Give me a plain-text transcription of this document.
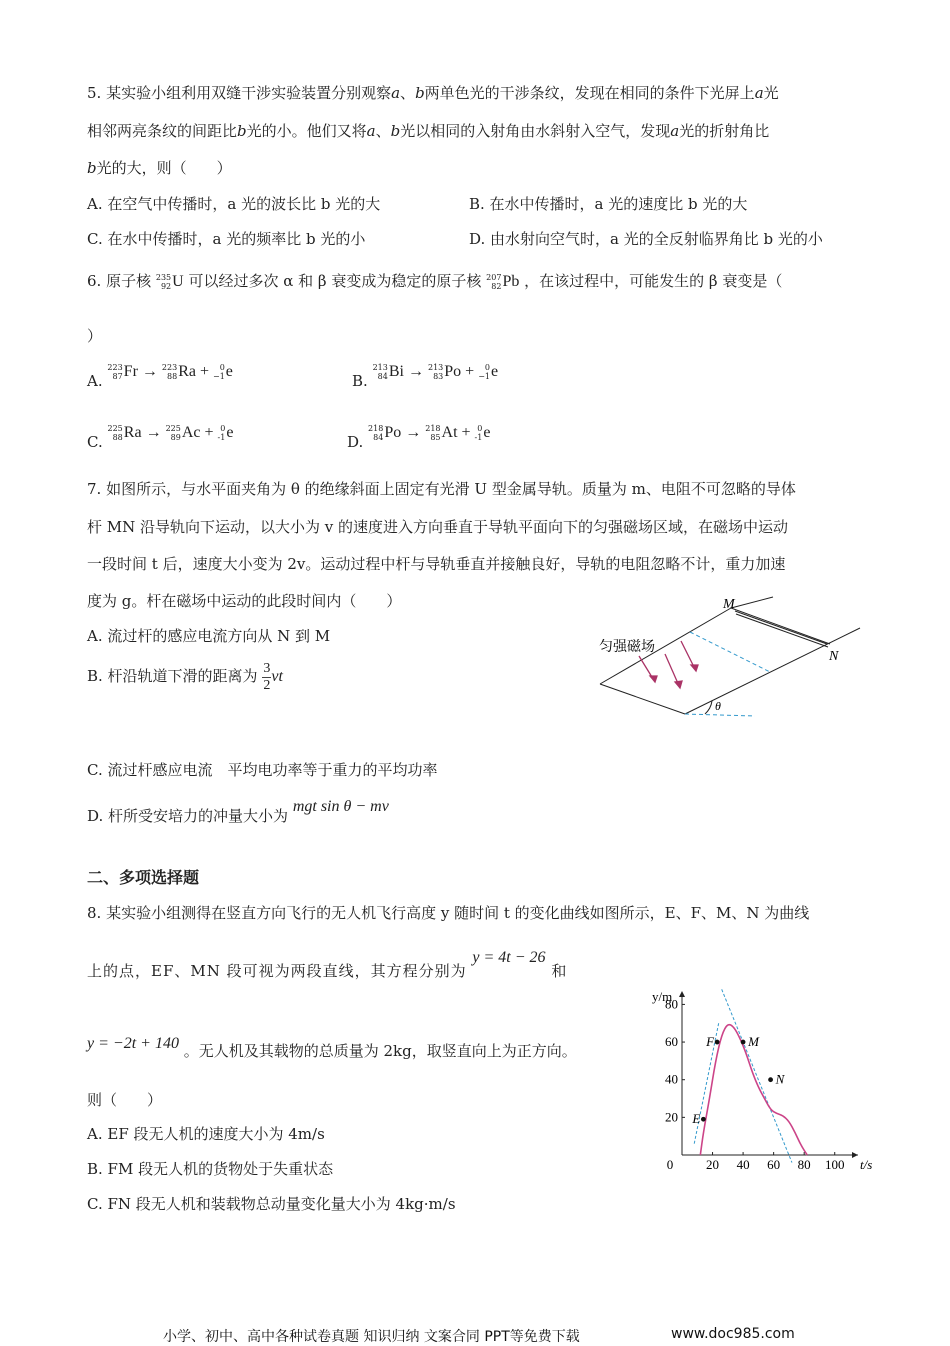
5. 某实验小组利用双缝干涉实验装置分别观察a、b两单色光的干涉条纹，发现在相同的条件下光屏上a光
相邻两亮条纹的间距比b光的小。他们又将a、b光以相同的入射角由水斜射入空气，发现a光的折射角比
b光的大，则（　　）
A. 在空气中传播时，a 光的波长比 b 光的大	B. 在水中传播时，a 光的速度比 b 光的大
C. 在水中传播时，a 光的频率比 b 光的小	D. 由水射向空气时，a 光的全反射临界角比 b 光的小
6. 原子核 235
92 U 可以经过多次 α 和 β 衰变成为稳定的原子核 207
82 Pb ，在该过程中，可能发生的 β 衰变是（
）
A.
223
87 Fr → 223
88 Ra + 0
−1 e
B.
213
84 Bi → 213
83 Po + 0
−1 e
C.
225
88 Ra → 225
89 Ac + 0
-1 e
D.
218
84 Po → 218
85 At + 0
-1 e
7. 如图所示，与水平面夹角为 θ 的绝缘斜面上固定有光滑 U 型金属导轨。质量为 m、电阻不可忽略的导体
杆 MN 沿导轨向下运动，以大小为 v 的速度进入方向垂直于导轨平面向下的匀强磁场区域，在磁场中运动
一段时间 t 后，速度大小变为 2v。运动过程中杆与导轨垂直并接触良好，导轨的电阻忽略不计，重力加速
度为 g。杆在磁场中运动的此段时间内（　　）
A. 流过杆的感应电流方向从 N 到 M
B. 杆沿轨道下滑的距离为 $\frac{3}{2}$ vt
C. 流过杆感应电流　平均电功率等于重力的平均功率
D. 杆所受安培力的冲量大小为 mgt sin θ − mv
匀强磁场
M
N
θ
二、多项选择题
8. 某实验小组测得在竖直方向飞行的无人机飞行高度 y 随时间 t 的变化曲线如图所示，E、F、M、N 为曲线
上的点，EF、MN 段可视为两段直线，其方程分别为 y = 4t − 26 和
y = −2t + 140 。无人机及其载物的总质量为 2kg，取竖直向上为正方向。
则（　　）
A. EF 段无人机的速度大小为 4m/s
B. FM 段无人机的货物处于失重状态
C. FN 段无人机和装载物总动量变化量大小为 4kg·m/s
0	20 40 60 80 100
20
40
60
80
y/m
t/s
E
F	M
N
小学、初中、高中各种试卷真题 知识归纳 文案合同 PPT等免费下载	www.doc985.com
